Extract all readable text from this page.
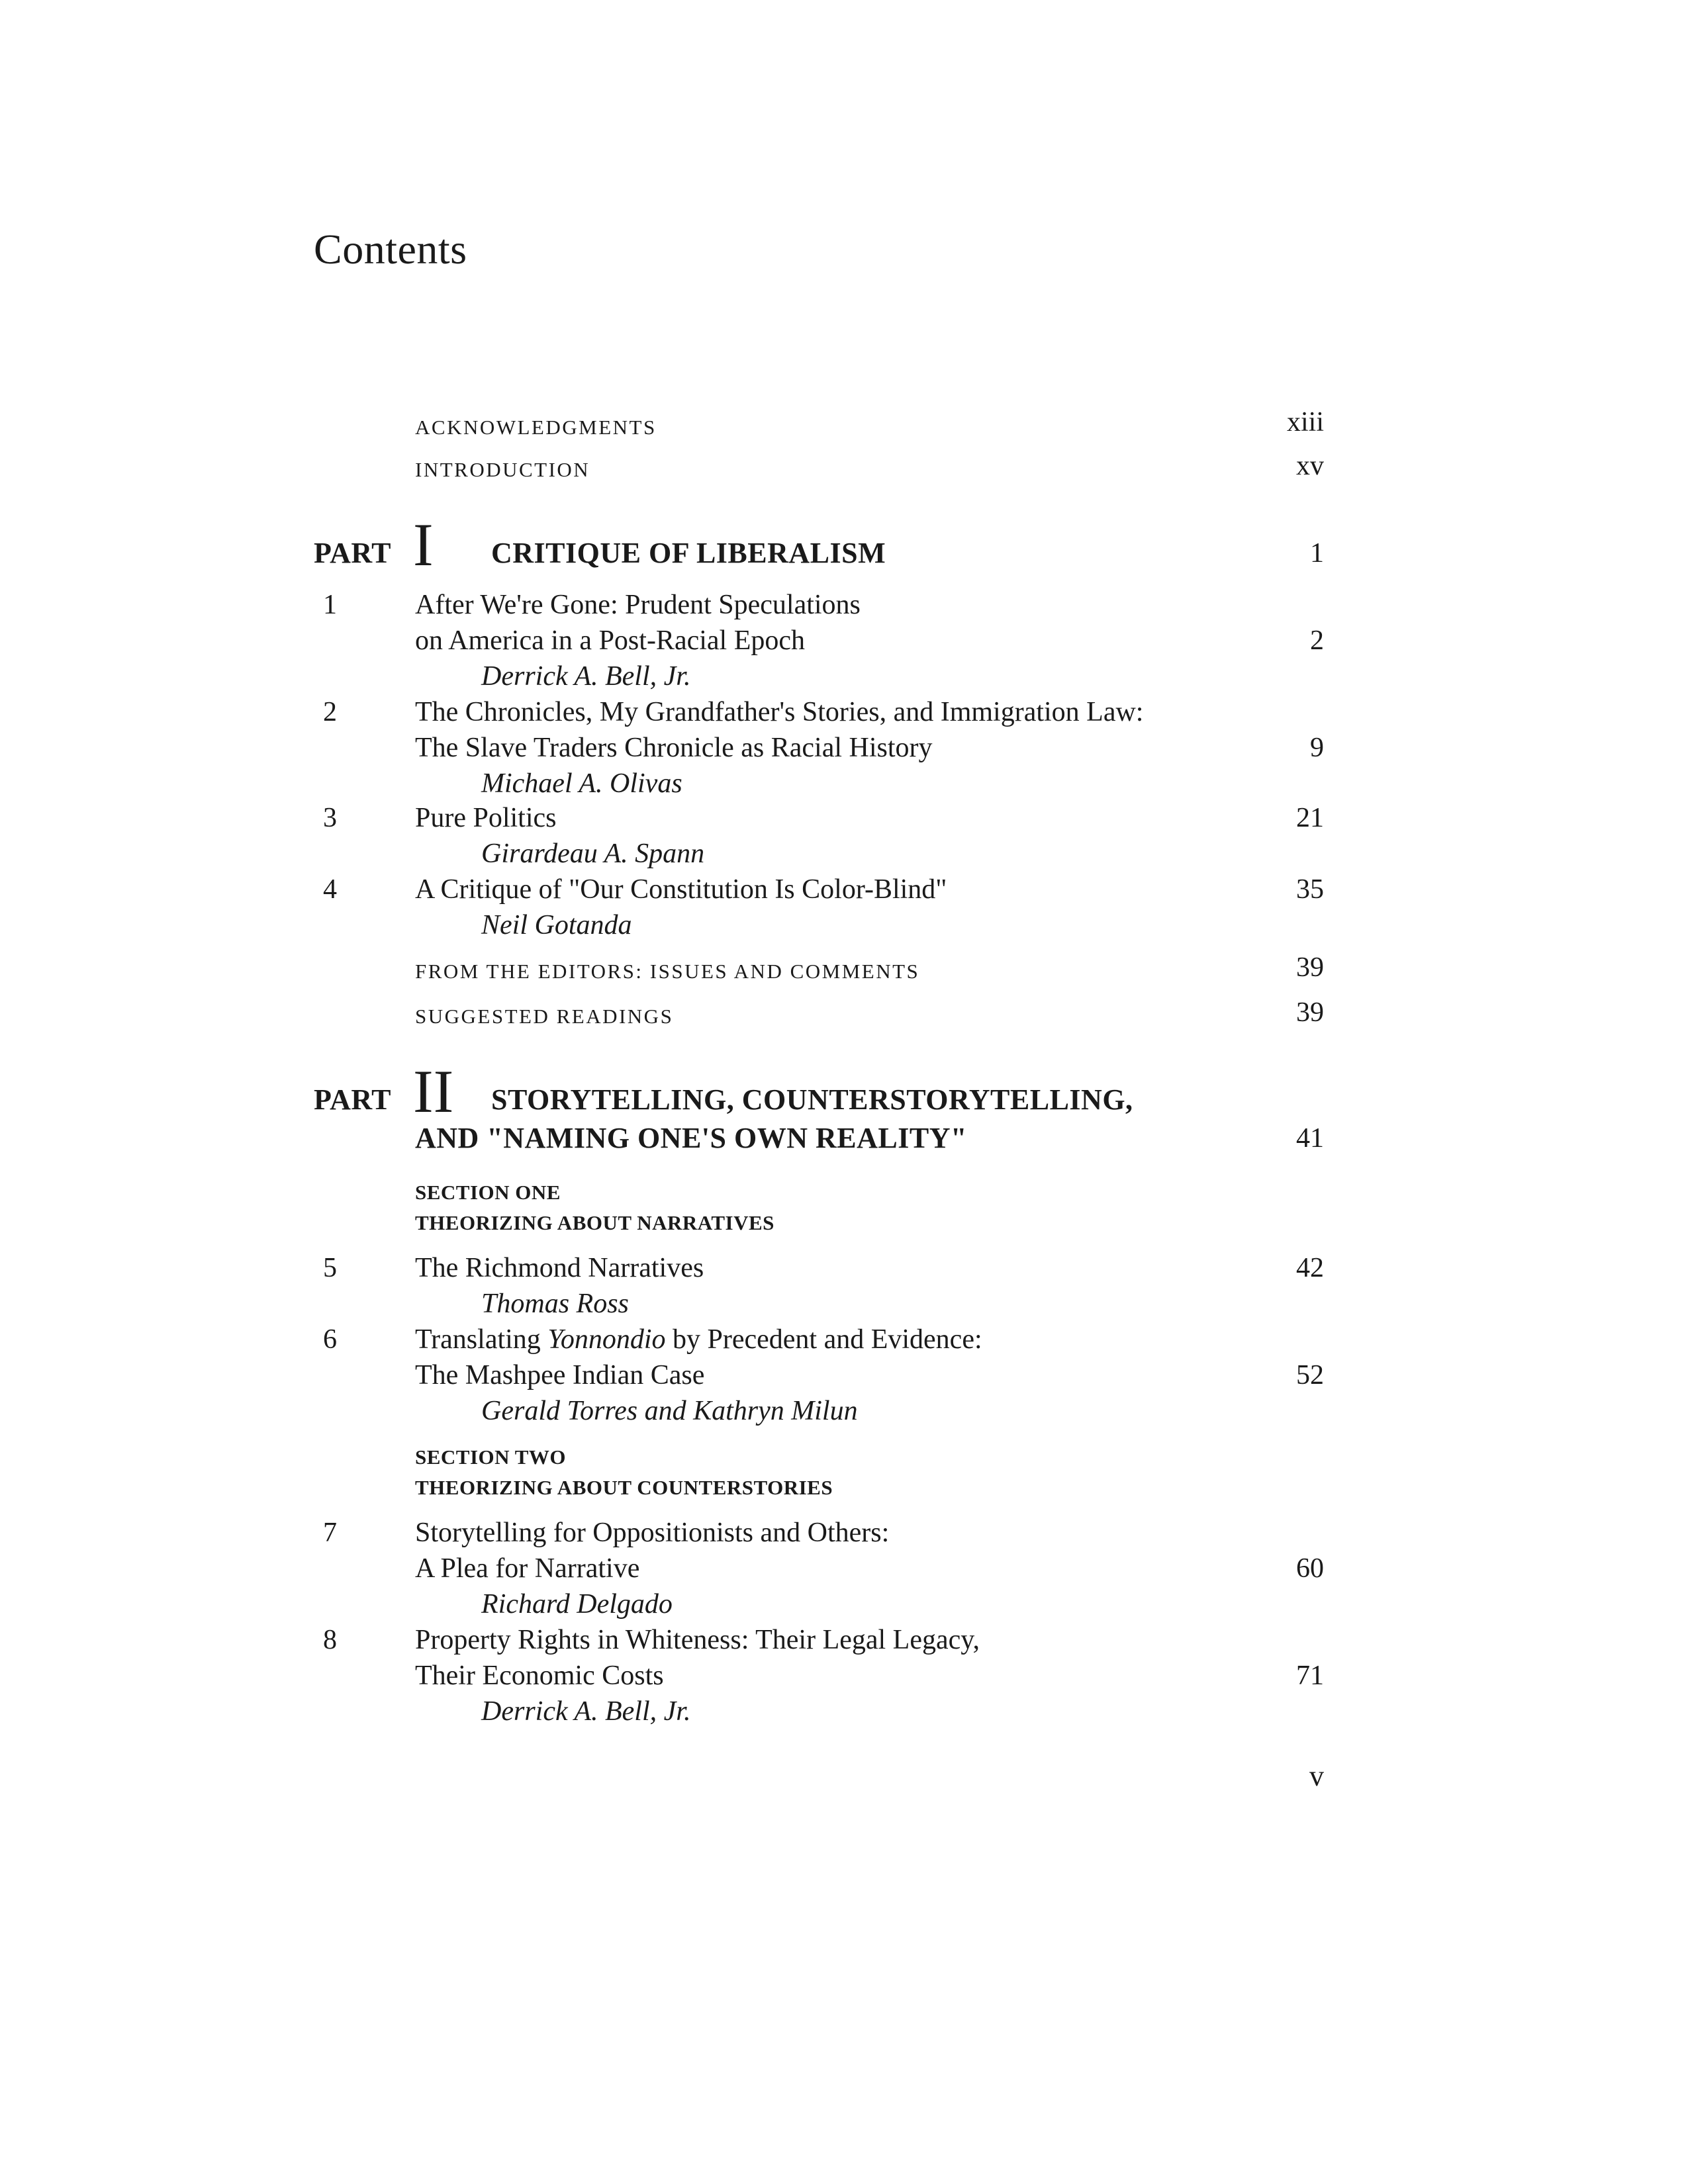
Contents
ACKNOWLEDGMENTS	xiii
INTRODUCTION	xv
PART I CRITIQUE OF LIBERALISM	1
1	After We're Gone: Prudent Speculations
on America in a Post-Racial Epoch	2
Derrick A. Bell, Jr.
2	The Chronicles, My Grandfather's Stories, and Immigration Law:
The Slave Traders Chronicle as Racial History	9
Michael A. Olivas
3	Pure Politics	21
Girardeau A. Spann
4	A Critique of "Our Constitution Is Color-Blind"	35
Neil Gotanda
FROM THE EDITORS: ISSUES AND COMMENTS	39
SUGGESTED READINGS	39
PART II STORYTELLING, COUNTERSTORYTELLING,
AND "NAMING ONE'S OWN REALITY"	41
SECTION ONE
THEORIZING ABOUT NARRATIVES
5	The Richmond Narratives	42
Thomas Ross
6	Translating Yonnondio by Precedent and Evidence:
The Mashpee Indian Case	52
Gerald Torres and Kathryn Milun
SECTION TWO
THEORIZING ABOUT COUNTERSTORIES
7	Storytelling for Oppositionists and Others:
A Plea for Narrative	60
Richard Delgado
8	Property Rights in Whiteness: Their Legal Legacy,
Their Economic Costs	71
Derrick A. Bell, Jr.
v
